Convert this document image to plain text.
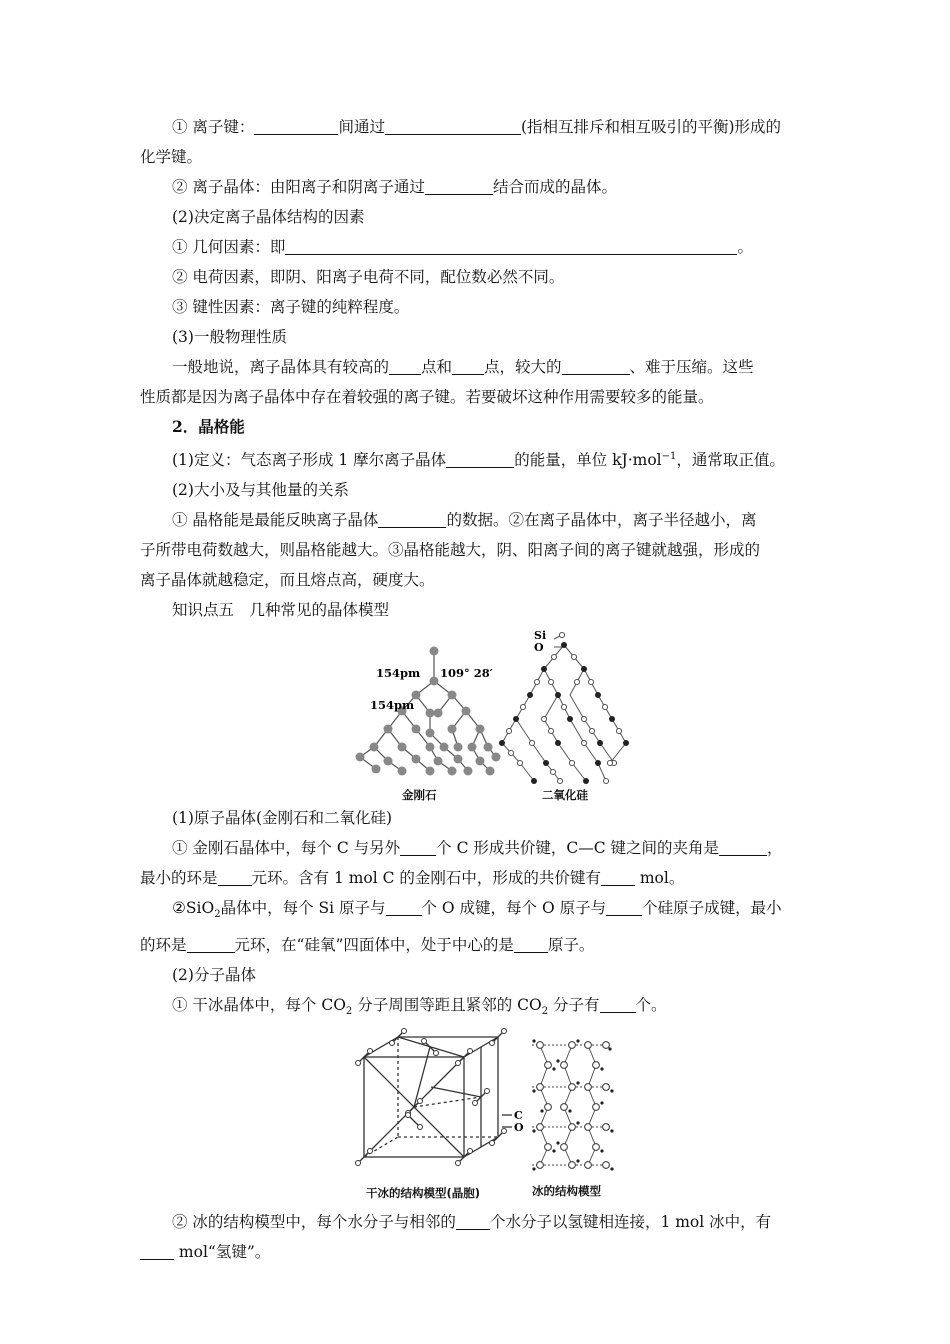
① 离子键：	间通过	(指相互排斥和相互吸引的平衡)形成的

化学键。

② 离子晶体：由阳离子和阴离子通过	结合而成的晶体。

(2)决定离子晶体结构的因素

① 几何因素：即	。

② 电荷因素，即阴、阳离子电荷不同，配位数必然不同。

③ 键性因素：离子键的纯粹程度。

(3)一般物理性质

一般地说，离子晶体具有较高的 点和 点，较大的	、难于压缩。这些

性质都是因为离子晶体中存在着较强的离子键。若要破坏这种作用需要较多的能量。

2．晶格能

(1)定义：气态离子形成 1 摩尔离子晶体	的能量，单位 kJ·mol$^{-1}$，通常取正值。

(2)大小及与其他量的关系

① 晶格能是最能反映离子晶体	的数据。②在离子晶体中，离子半径越小，离

子所带电荷数越大，则晶格能越大。③晶格能越大，阴、阳离子间的离子键就越强，形成的

离子晶体就越稳定，而且熔点高，硬度大。

知识点五　几种常见的晶体模型

154pm 109° 28′
154pm
Si
O
金刚石	二氧化硅

(1)原子晶体(金刚石和二氧化硅)

① 金刚石晶体中，每个 C 与另外 个 C 形成共价键，C—C 键之间的夹角是	，

最小的环是 元环。含有 1 mol C 的金刚石中，形成的共价键有 mol。

②SiO$_2$晶体中，每个 Si 原子与 个 O 成键，每个 O 原子与 个硅原子成键，最小

的环是	元环，在“硅氧”四面体中，处于中心的是 原子。

(2)分子晶体

① 干冰晶体中，每个 $CO_2$ 分子周围等距且紧邻的 $CO_2$ 分子有 个。

C
O
干冰的结构模型(晶胞)	冰的结构模型

② 冰的结构模型中，每个水分子与相邻的 个水分子以氢键相连接，1 mol 冰中，有

mol“氢键”。
